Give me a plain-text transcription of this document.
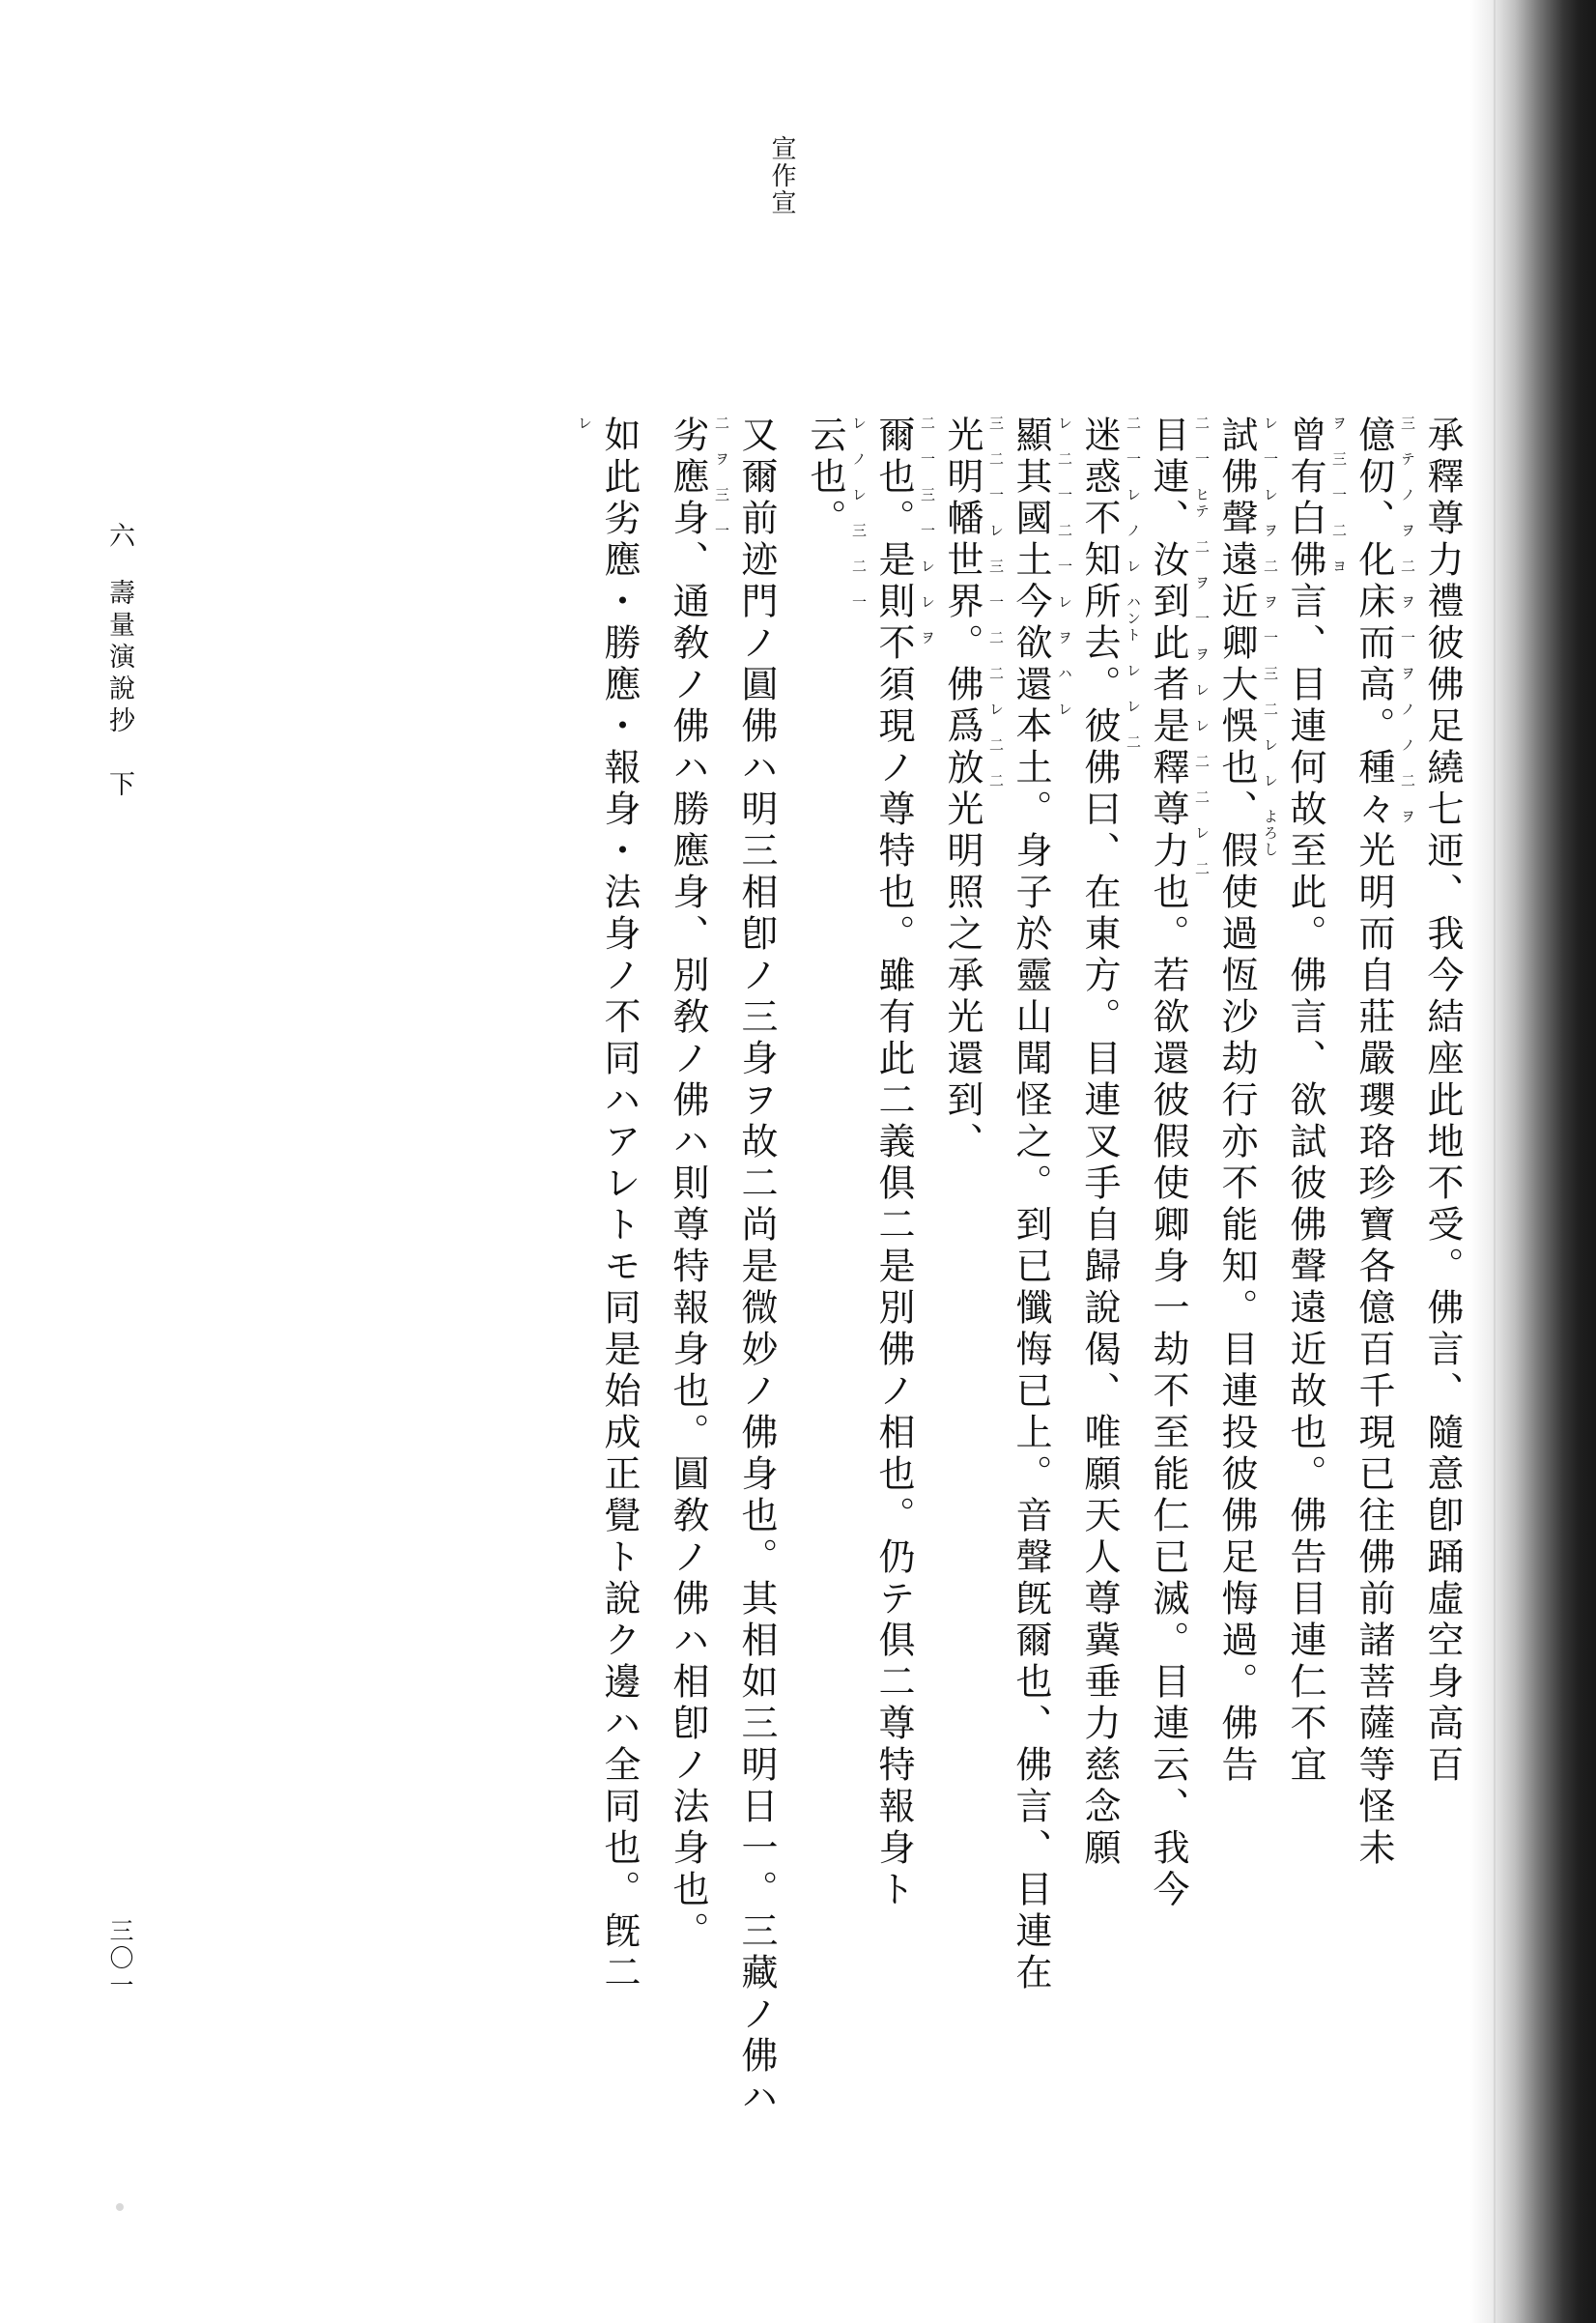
宣作宣
六
壽量演說抄　下
三〇一
承釋尊力禮彼佛足繞七迊、我今結座此地不受。佛言、隨意卽踊虛空身高百
三 テ ノ ヲ 二 ヲ 一 ヲ ノ ノ 二 ヲ
億仞、化床而高。種々光明而自莊嚴瓔珞珍寶各億百千現已往佛前諸菩薩等怪未
ヲ 三 一 二 ヨ
曾有白佛言、目連何故至此。佛言、欲試彼佛聲遠近故也。佛告目連仁不宜
レ 一 レ ヲ 二 ヲ 一 三 二 レ レ よろし
試佛聲遠近卿大悞也、假使過恆沙劫行亦不能知。目連投彼佛足悔過。佛告
二 一 ヒテ 二 ヲ 一 ヲ レ レ 二 二 レ 二
目連、汝到此者是釋尊力也。若欲還彼假使卿身一劫不至能仁已滅。目連云、我今
二 一 レ ノ レ ハント レ レ 二
迷惑不知所去。彼佛曰、在東方。目連叉手自歸說偈、唯願天人尊冀垂力慈念願
レ 二 一 二 一 レ ヲ ハ レ
顯其國土今欲還本土。身子於靈山聞怪之。到已懺悔已上。音聲旣爾也、佛言、目連在
三 二 一 レ 三 一 二 二 レ 二 二
光明幡世界。佛爲放光明照之承光還到、
二 一 三 一 レ レ ヲ
爾也。是則不須現ノ尊特也。雖有此二義俱二是別佛ノ相也。仍テ俱二尊特報身ト
レ ノ レ 三 二 一
云也。
又爾前迹門ノ圓佛ハ明三相卽ノ三身ヲ故二尚是微妙ノ佛身也。其相如三明日一。三藏ノ佛ハ
二 ヲ 三 一
劣應身、通敎ノ佛ハ勝應身、別敎ノ佛ハ則尊特報身也。圓敎ノ佛ハ相卽ノ法身也。
如此劣應・勝應・報身・法身ノ不同ハアレトモ同是始成正覺ト說ク邊ハ全同也。旣二
レ
